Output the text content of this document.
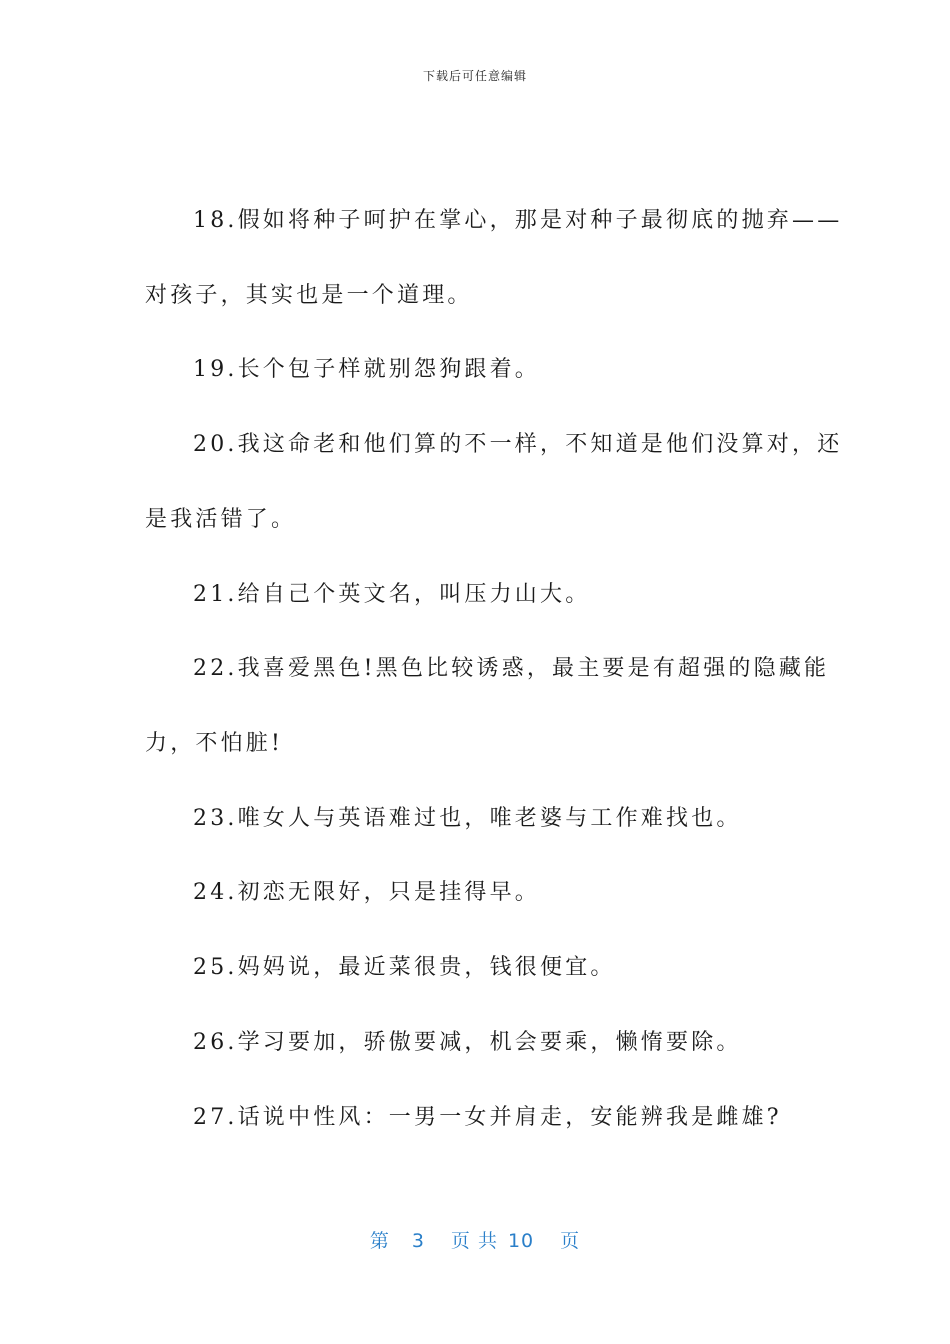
下载后可任意编辑
18.假如将种子呵护在掌心，那是对种子最彻底的抛弃——
对孩子，其实也是一个道理。
19.长个包子样就别怨狗跟着。
20.我这命老和他们算的不一样，不知道是他们没算对，还
是我活错了。
21.给自己个英文名，叫压力山大。
22.我喜爱黑色!黑色比较诱惑，最主要是有超强的隐藏能
力，不怕脏!
23.唯女人与英语难过也，唯老婆与工作难找也。
24.初恋无限好，只是挂得早。
25.妈妈说，最近菜很贵，钱很便宜。
26.学习要加，骄傲要减，机会要乘，懒惰要除。
27.话说中性风：一男一女并肩走，安能辨我是雌雄?
第 3 页 共 10 页
